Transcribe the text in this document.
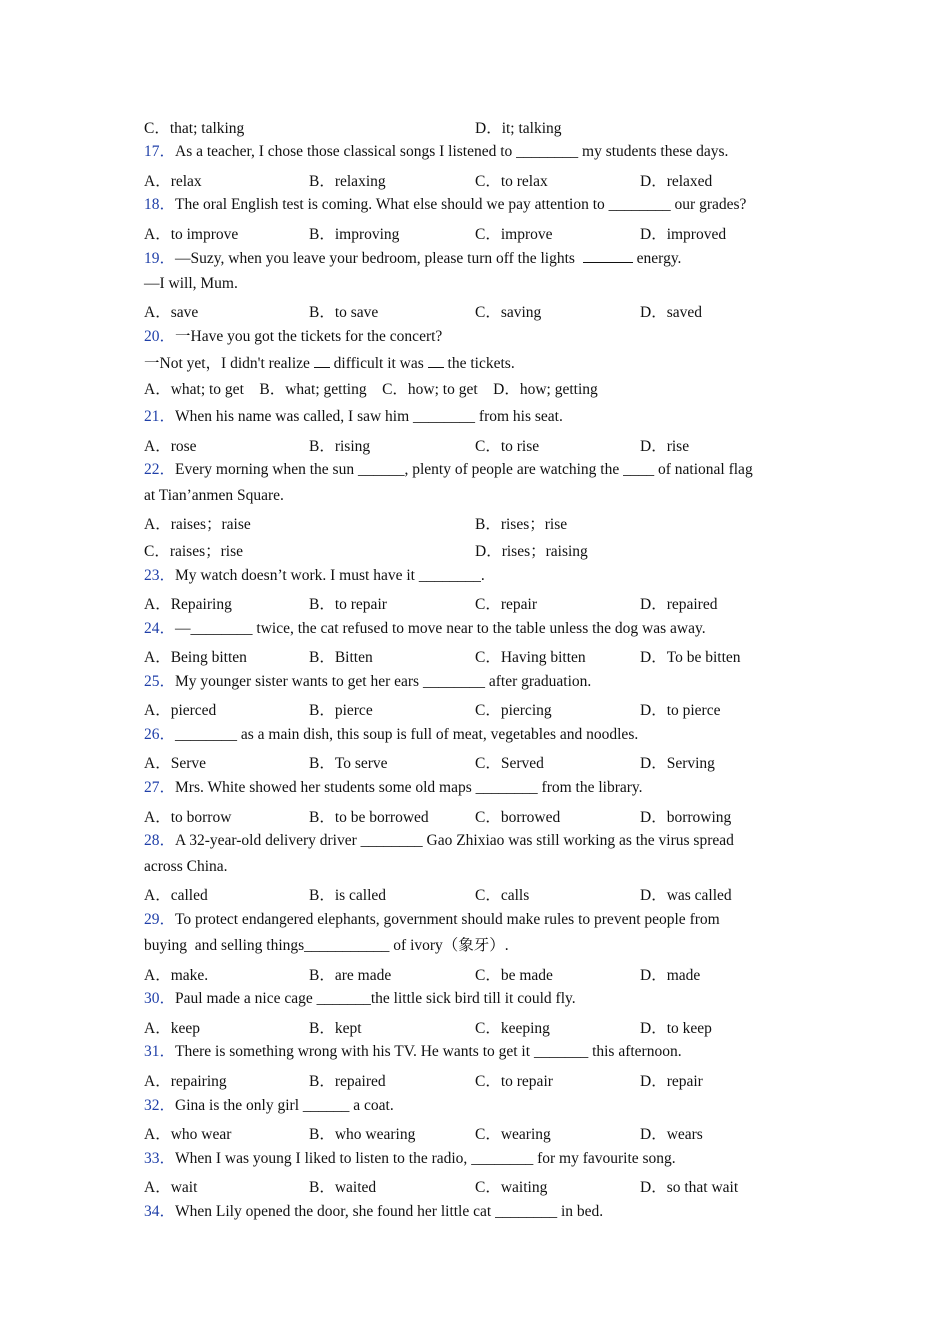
C．that; talking	D．it; talking
17．As a teacher, I chose those classical songs I listened to ________ my students these days.
A．relax	B．relaxing	C．to relax	D．relaxed
18．The oral English test is coming. What else should we pay attention to ________ our grades?
A．to improve	B．improving	C．improve	D．improved
19．—Suzy, when you leave your bedroom, please turn off the lights	energy.
—I will, Mum.
A．save	B．to save	C．saving	D．saved
20．一Have you got the tickets for the concert?
一Not yet，I didn't realize  difficult it was  the tickets.
A．what; to get    B．what; getting    C．how; to get    D．how; getting
21．When his name was called, I saw him ________ from his seat.
A．rose	B．rising	C．to rise	D．rise
22．Every morning when the sun ______, plenty of people are watching the ____ of national flag
at Tian’anmen Square.
A．raises；raise	B．rises；rise
C．raises；rise	D．rises；raising
23．My watch doesn’t work. I must have it ________.
A．Repairing	B．to repair	C．repair	D．repaired
24．—________ twice, the cat refused to move near to the table unless the dog was away.
A．Being bitten	B．Bitten	C．Having bitten	D．To be bitten
25．My younger sister wants to get her ears ________ after graduation.
A．pierced	B．pierce	C．piercing	D．to pierce
26．________ as a main dish, this soup is full of meat, vegetables and noodles.
A．Serve	B．To serve	C．Served	D．Serving
27．Mrs. White showed her students some old maps ________ from the library.
A．to borrow	B．to be borrowed	C．borrowed	D．borrowing
28．A 32-year-old delivery driver ________ Gao Zhixiao was still working as the virus spread
across China.
A．called	B．is called	C．calls	D．was called
29．To protect endangered elephants, government should make rules to prevent people from
buying  and selling things___________ of ivory（象牙）.
A．make.	B．are made	C．be made	D．made
30．Paul made a nice cage _______the little sick bird till it could fly.
A．keep	B．kept	C．keeping	D．to keep
31．There is something wrong with his TV. He wants to get it _______ this afternoon.
A．repairing	B．repaired	C．to repair	D．repair
32．Gina is the only girl ______ a coat.
A．who wear	B．who wearing	C．wearing	D．wears
33．When I was young I liked to listen to the radio, ________ for my favourite song.
A．wait	B．waited	C．waiting	D．so that wait
34．When Lily opened the door, she found her little cat ________ in bed.
